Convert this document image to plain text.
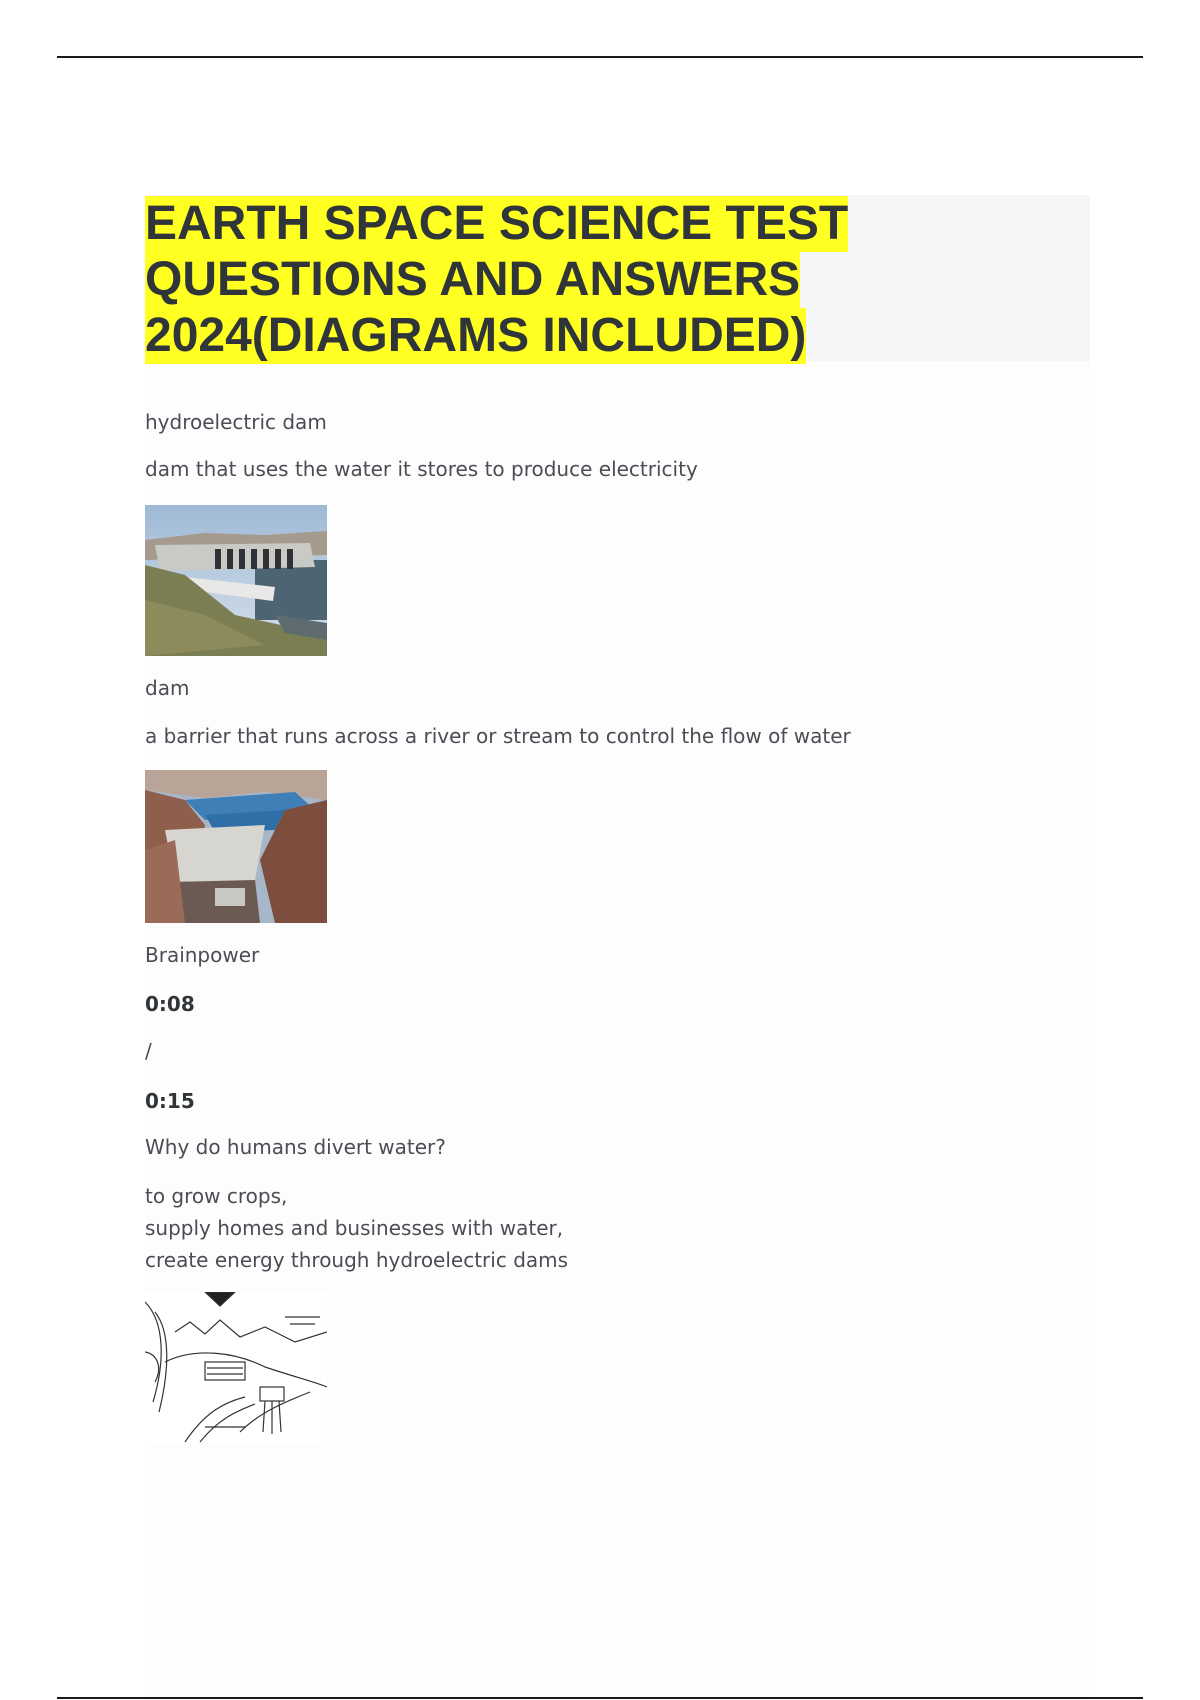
EARTH SPACE SCIENCE TEST
QUESTIONS AND ANSWERS
2024(DIAGRAMS INCLUDED)

hydroelectric dam

dam that uses the water it stores to produce electricity

dam

a barrier that runs across a river or stream to control the flow of water

Brainpower

0:08

/

0:15

Why do humans divert water?

to grow crops,
supply homes and businesses with water,
create energy through hydroelectric dams
